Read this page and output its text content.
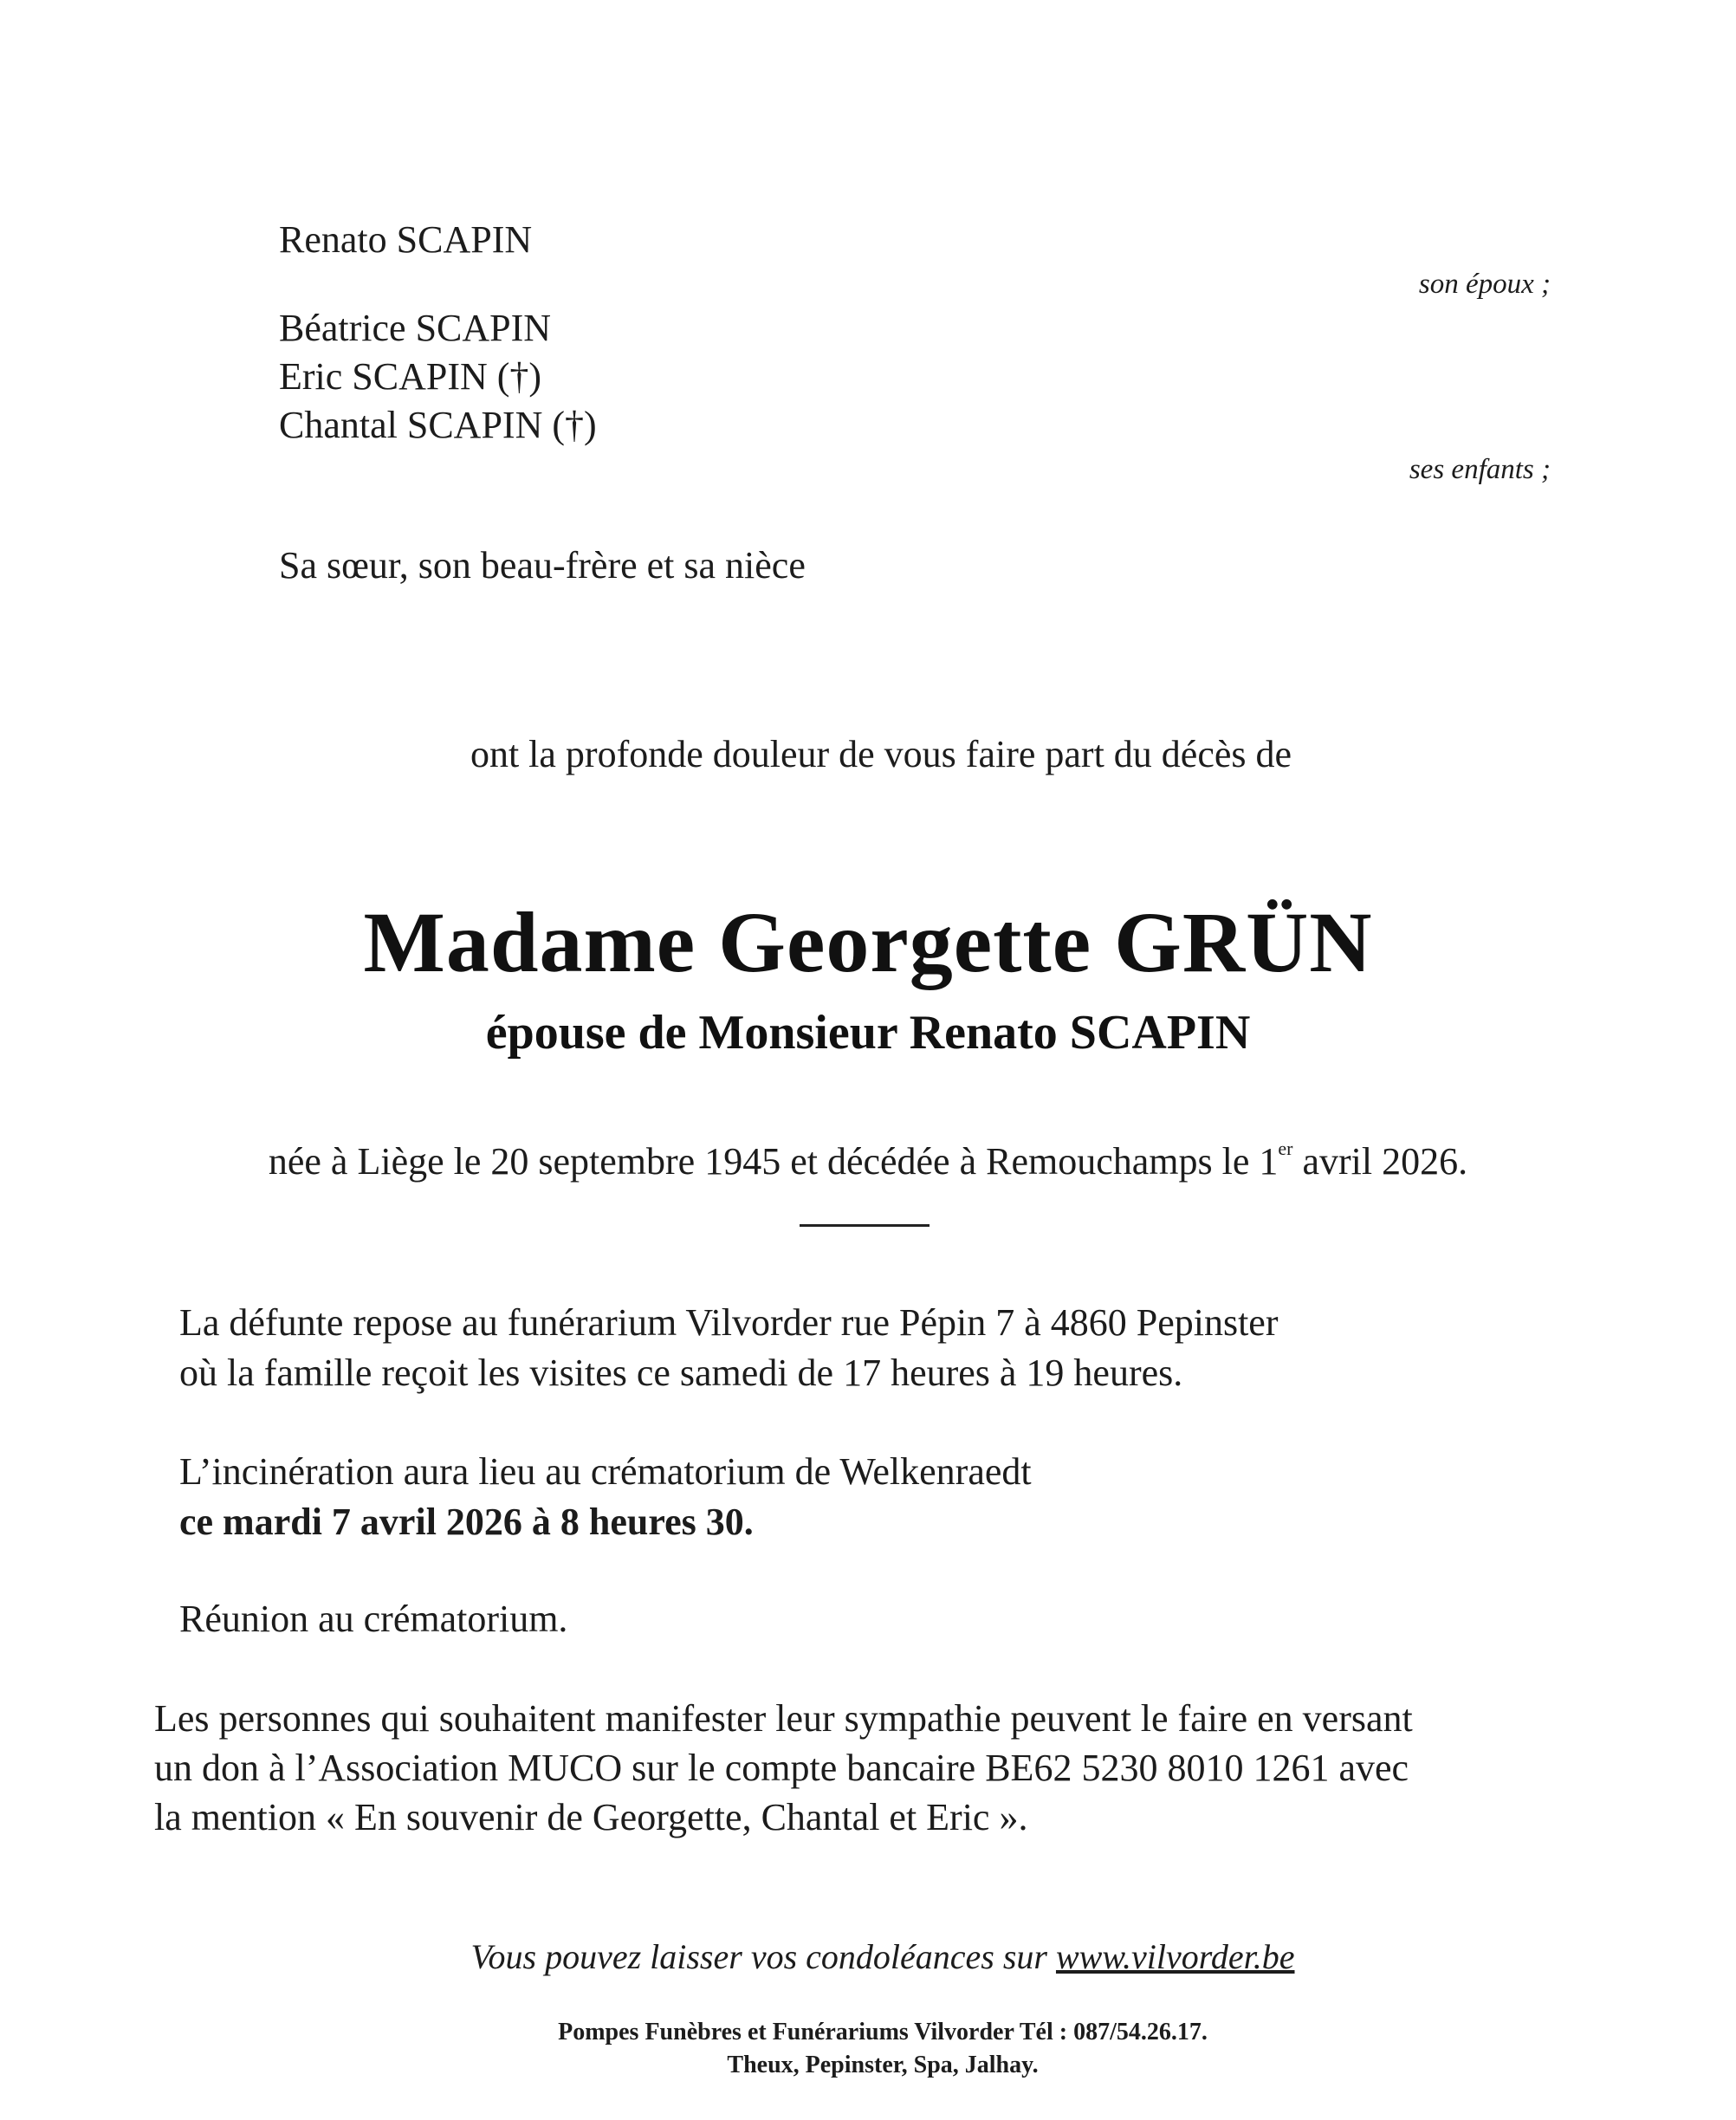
Renato SCAPIN
son époux ;
Béatrice SCAPIN
Eric SCAPIN (†)
Chantal SCAPIN (†)
ses enfants ;
Sa sœur, son beau-frère et sa nièce
ont la profonde douleur de vous faire part du décès de
Madame Georgette GRÜN
épouse de Monsieur Renato SCAPIN
née à Liège le 20 septembre 1945 et décédée à Remouchamps le 1er avril 2026.
La défunte repose au funérarium Vilvorder rue Pépin 7 à 4860 Pepinster
où la famille reçoit les visites ce samedi de 17 heures à 19 heures.
L’incinération aura lieu au crématorium de Welkenraedt
ce mardi 7 avril 2026 à 8 heures 30.
Réunion au crématorium.
Les personnes qui souhaitent manifester leur sympathie peuvent le faire en versant
un don à l’Association MUCO sur le compte bancaire BE62 5230 8010 1261 avec
la mention « En souvenir de Georgette, Chantal et Eric ».
Vous pouvez laisser vos condoléances sur www.vilvorder.be
Pompes Funèbres et Funérariums Vilvorder Tél : 087/54.26.17.
Theux, Pepinster, Spa, Jalhay.
